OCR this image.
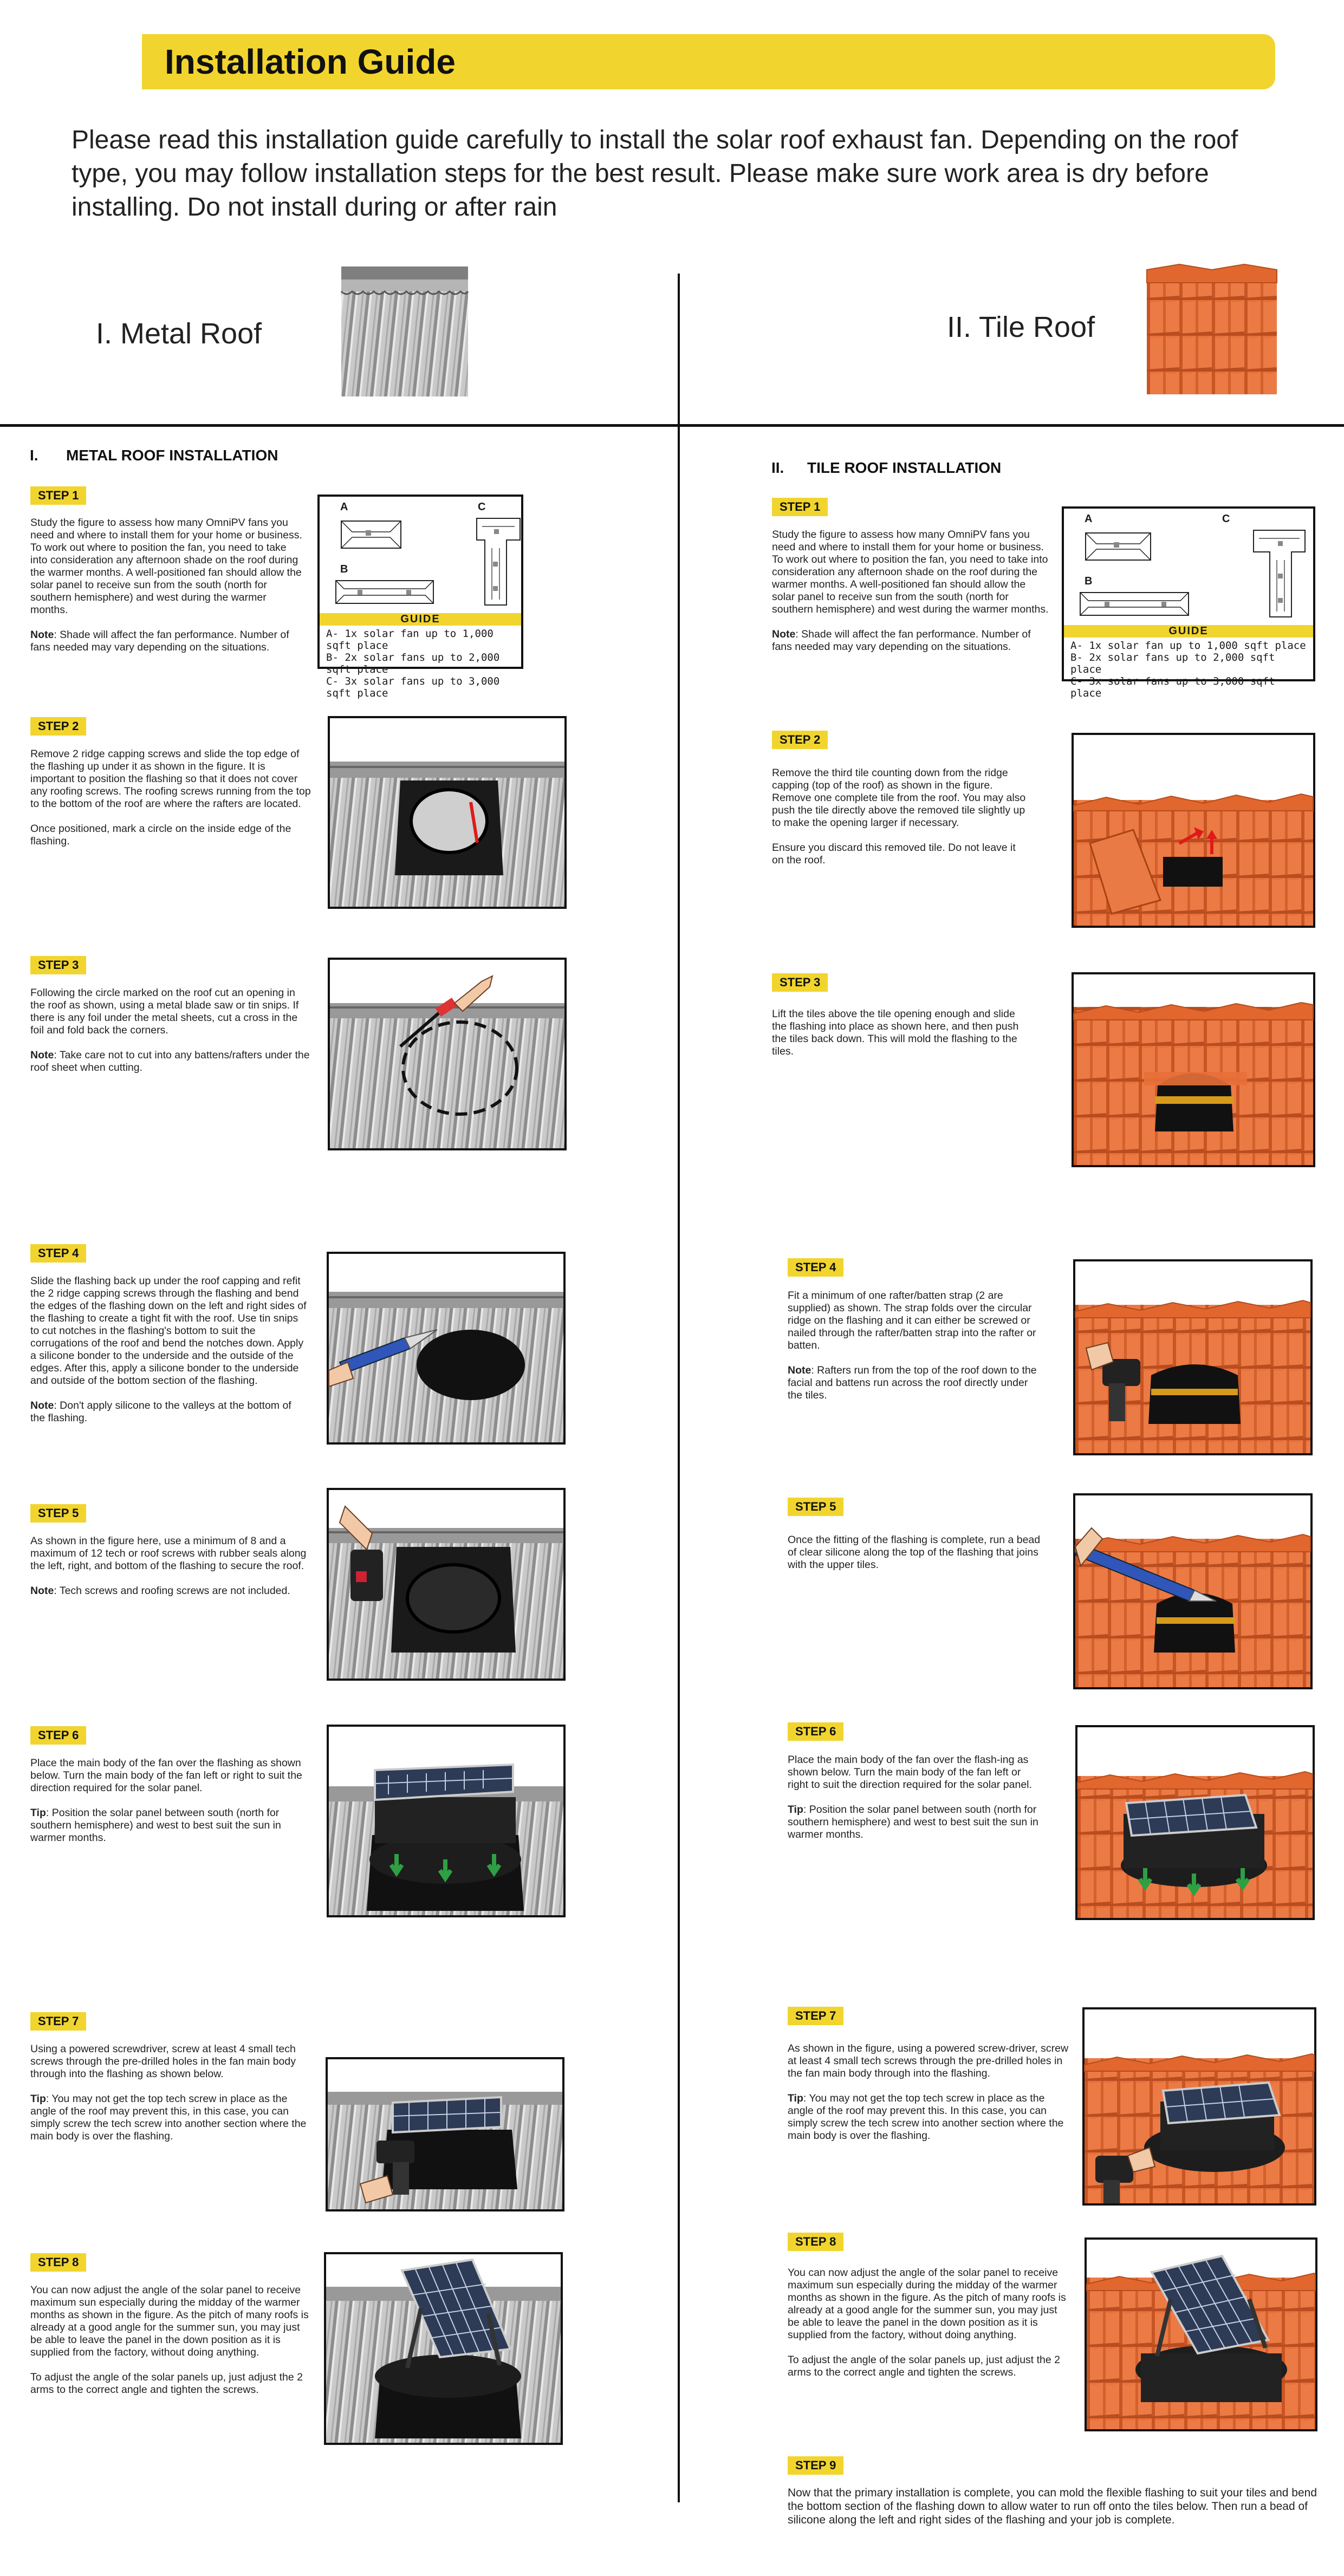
Installation Guide
Please read this installation guide carefully to install the solar roof exhaust fan. Depending on the roof type, you may follow installation steps for the best result. Please make sure work area is dry before installing. Do not install during or after rain
I. Metal Roof	II. Tile Roof
I. METAL ROOF INSTALLATION
STEP 1

Study the figure to assess how many OmniPV fans you need and where to install them for your home or business. To work out where to position the fan, you need to take into consideration any afternoon shade on the roof during the warmer months. A well-positioned fan should allow the solar panel to receive sun from the south (north for southern hemisphere) and west during the warmer months.

Note: Shade will affect the fan performance. Number of fans needed may vary depending on the situations.

A
B
C
GUIDE
A- 1x solar fan up to 1,000 sqft place
B- 2x solar fans up to 2,000 sqft place
C- 3x solar fans up to 3,000 sqft place
STEP 2

Remove 2 ridge capping screws and slide the top edge of the flashing up under it as shown in the figure. It is important to position the flashing so that it does not cover any roofing screws. The roofing screws running from the top to the bottom of the roof are where the rafters are located.

Once positioned, mark a circle on the inside edge of the flashing.

STEP 3

Following the circle marked on the roof cut an opening in the roof as shown, using a metal blade saw or tin snips. If there is any foil under the metal sheets, cut a cross in the foil and fold back the corners.

Note: Take care not to cut into any battens/rafters under the roof sheet when cutting.

STEP 4

Slide the flashing back up under the roof capping and refit the 2 ridge capping screws through the flashing and bend the edges of the flashing down on the left and right sides of the flashing to create a tight fit with the roof. Use tin snips to cut notches in the flashing's bottom to suit the corrugations of the roof and bend the notches down. Apply a silicone bonder to the underside and the outside of the edges. After this, apply a silicone bonder to the underside and outside of the bottom section of the flashing.

Note: Don't apply silicone to the valleys at the bottom of the flashing.

STEP 5

As shown in the figure here, use a minimum of 8 and a maximum of 12 tech or roof screws with rubber seals along the left, right, and bottom of the flashing to secure the roof.

Note: Tech screws and roofing screws are not included.

STEP 6

Place the main body of the fan over the flashing as shown below. Turn the main body of the fan left or right to suit the direction required for the solar panel.

Tip: Position the solar panel between south (north for southern hemisphere) and west to best suit the sun in warmer months.

STEP 7

Using a powered screwdriver, screw at least 4 small tech screws through the pre-drilled holes in the fan main body through into the flashing as shown below.

Tip: You may not get the top tech screw in place as the angle of the roof may prevent this, in this case, you can simply screw the tech screw into another section where the main body is over the flashing.

STEP 8

You can now adjust the angle of the solar panel to receive maximum sun especially during the midday of the warmer months as shown in the figure. As the pitch of many roofs is already at a good angle for the summer sun, you may just be able to leave the panel in the down position as it is supplied from the factory, without doing anything.

To adjust the angle of the solar panels up, just adjust the 2 arms to the correct angle and tighten the screws.

II. TILE ROOF INSTALLATION
STEP 1

Study the figure to assess how many OmniPV fans you need and where to install them for your home or business. To work out where to position the fan, you need to take into consideration any afternoon shade on the roof during the warmer months. A well-positioned fan should allow the solar panel to receive sun from the south (north for southern hemisphere) and west during the warmer months.

Note: Shade will affect the fan performance. Number of fans needed may vary depending on the situations.

A
B
C
GUIDE
A- 1x solar fan up to 1,000 sqft place
B- 2x solar fans up to 2,000 sqft place
C- 3x solar fans up to 3,000 sqft place
STEP 2

Remove the third tile counting down from the ridge capping (top of the roof) as shown in the figure. Remove one complete tile from the roof. You may also push the tile directly above the removed tile slightly up to make the opening larger if necessary.

Ensure you discard this removed tile. Do not leave it on the roof.

STEP 3

Lift the tiles above the tile opening enough and slide the flashing into place as shown here, and then push the tiles back down. This will mold the flashing to the tiles.

STEP 4

Fit a minimum of one rafter/batten strap (2 are supplied) as shown. The strap folds over the circular ridge on the flashing and it can either be screwed or nailed through the rafter/batten strap into the rafter or batten.

Note: Rafters run from the top of the roof down to the facial and battens run across the roof directly under the tiles.

STEP 5

Once the fitting of the flashing is complete, run a bead of clear silicone along the top of the flashing that joins with the upper tiles.

STEP 6

Place the main body of the fan over the flash-ing as shown below. Turn the main body of the fan left or right to suit the direction required for the solar panel.

Tip: Position the solar panel between south (north for southern hemisphere) and west to best suit the sun in warmer months.

STEP 7

As shown in the figure, using a powered screw-driver, screw at least 4 small tech screws through the pre-drilled holes in the fan main body through into the flashing.

Tip: You may not get the top tech screw in place as the angle of the roof may prevent this. In this case, you can simply screw the tech screw into another section where the main body is over the flashing.

STEP 8

You can now adjust the angle of the solar panel to receive maximum sun especially during the midday of the warmer months as shown in the figure. As the pitch of many roofs is already at a good angle for the summer sun, you may just be able to leave the panel in the down position as it is supplied from the factory, without doing anything.

To adjust the angle of the solar panels up, just adjust the 2 arms to the correct angle and tighten the screws.

STEP 9

Now that the primary installation is complete, you can mold the flexible flashing to suit your tiles and bend the bottom section of the flashing down to allow water to run off onto the tiles below. Then run a bead of silicone along the left and right sides of the flashing and your job is complete.
